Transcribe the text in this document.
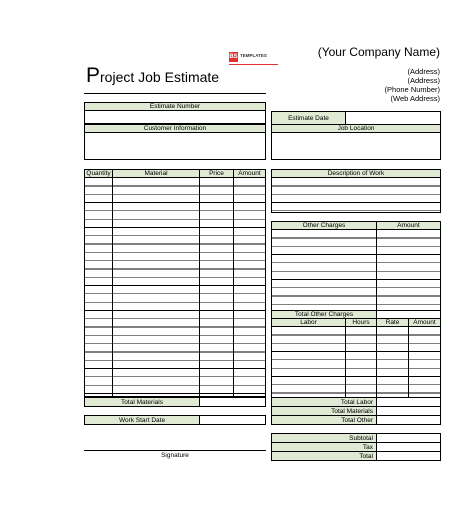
BS TEMPLATES	(Your Company Name)
(Address)
(Address)
(Phone Number)
(Web Address)
Project Job Estimate
Estimate Number
Customer Information
Estimate Date
Job Location
Quantity	Material	Price	Amount
Total Materials
Work Start Date
Description of Work
Other Charges	Amount
Total Other Charges
Labor	Hours	Rate	Amount
Total Labor
Total Materials
Total Other
Subtotal
Tax
Total
Signature
